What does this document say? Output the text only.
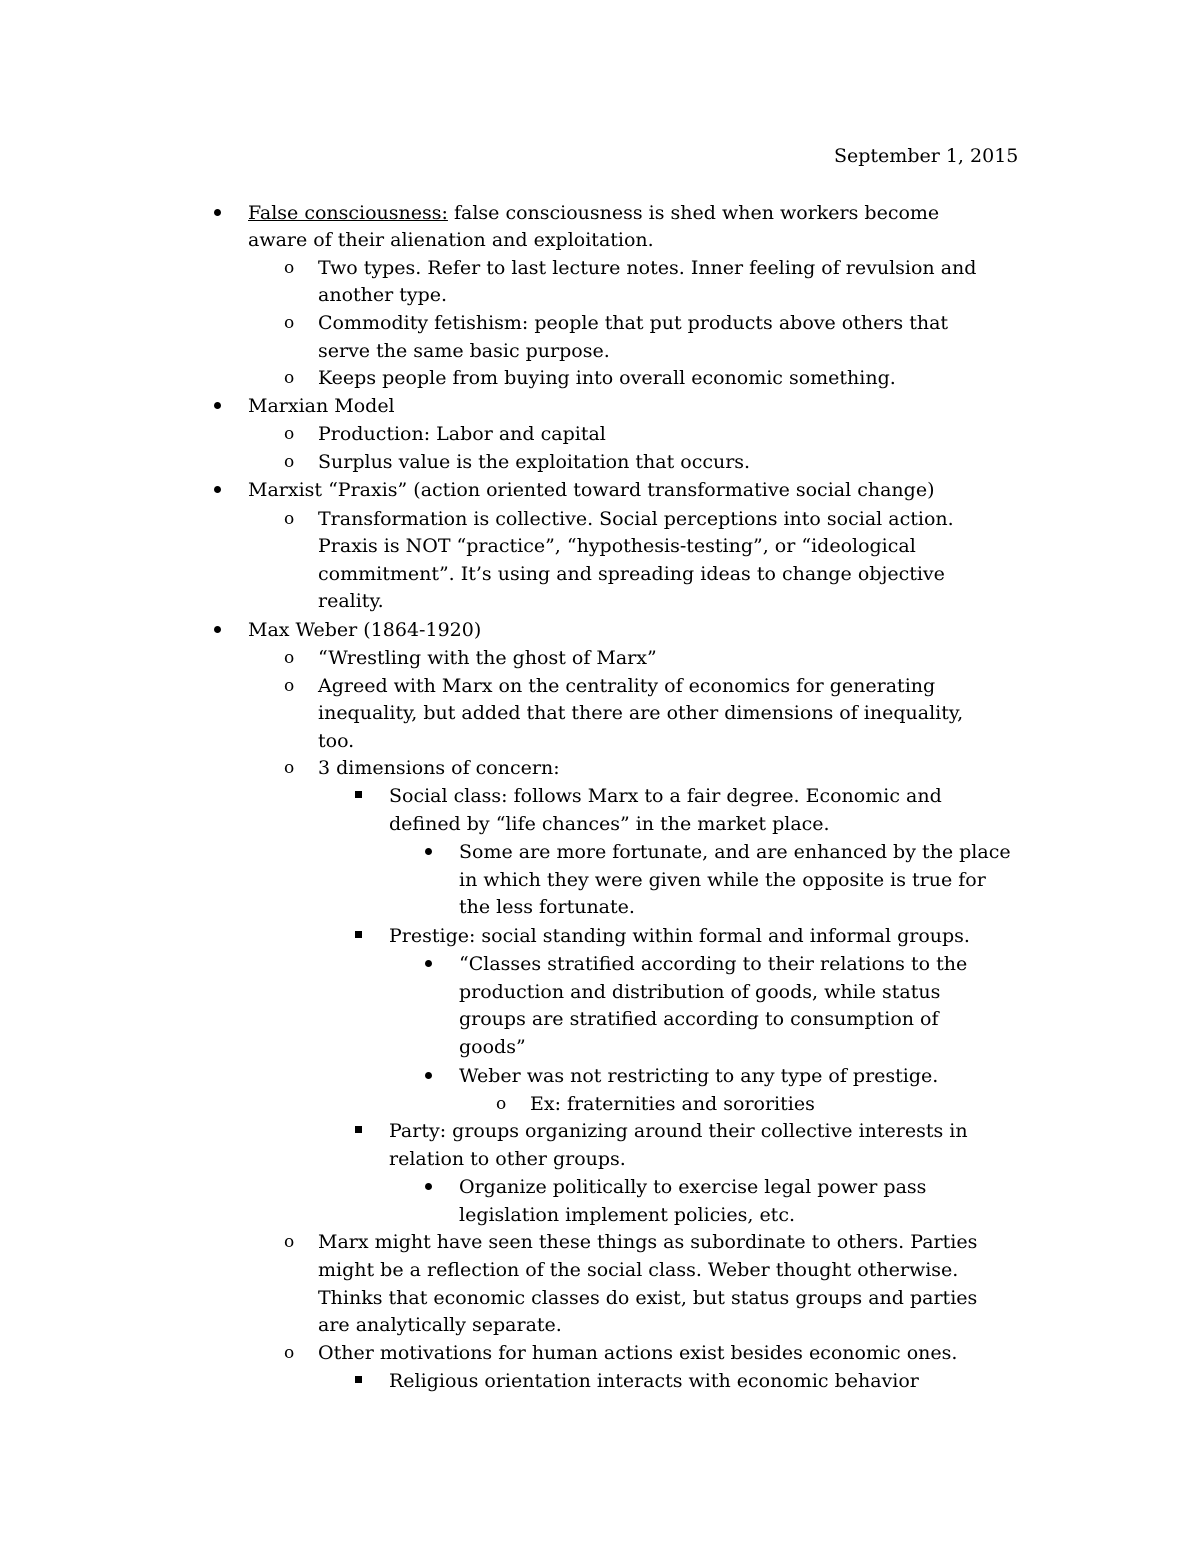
September 1, 2015
False consciousness: false consciousness is shed when workers become
aware of their alienation and exploitation.
o Two types. Refer to last lecture notes. Inner feeling of revulsion and
another type.
o Commodity fetishism: people that put products above others that
serve the same basic purpose.
o Keeps people from buying into overall economic something.
Marxian Model
o Production: Labor and capital
o Surplus value is the exploitation that occurs.
Marxist “Praxis” (action oriented toward transformative social change)
o Transformation is collective. Social perceptions into social action.
Praxis is NOT “practice”, “hypothesis-testing”, or “ideological
commitment”. It’s using and spreading ideas to change objective
reality.
Max Weber (1864-1920)
o “Wrestling with the ghost of Marx”
o Agreed with Marx on the centrality of economics for generating
inequality, but added that there are other dimensions of inequality,
too.
o 3 dimensions of concern:
Social class: follows Marx to a fair degree. Economic and
defined by “life chances” in the market place.
Some are more fortunate, and are enhanced by the place
in which they were given while the opposite is true for
the less fortunate.
Prestige: social standing within formal and informal groups.
“Classes stratified according to their relations to the
production and distribution of goods, while status
groups are stratified according to consumption of
goods”
Weber was not restricting to any type of prestige.
o Ex: fraternities and sororities
Party: groups organizing around their collective interests in
relation to other groups.
Organize politically to exercise legal power pass
legislation implement policies, etc.
o Marx might have seen these things as subordinate to others. Parties
might be a reflection of the social class. Weber thought otherwise.
Thinks that economic classes do exist, but status groups and parties
are analytically separate.
o Other motivations for human actions exist besides economic ones.
Religious orientation interacts with economic behavior
